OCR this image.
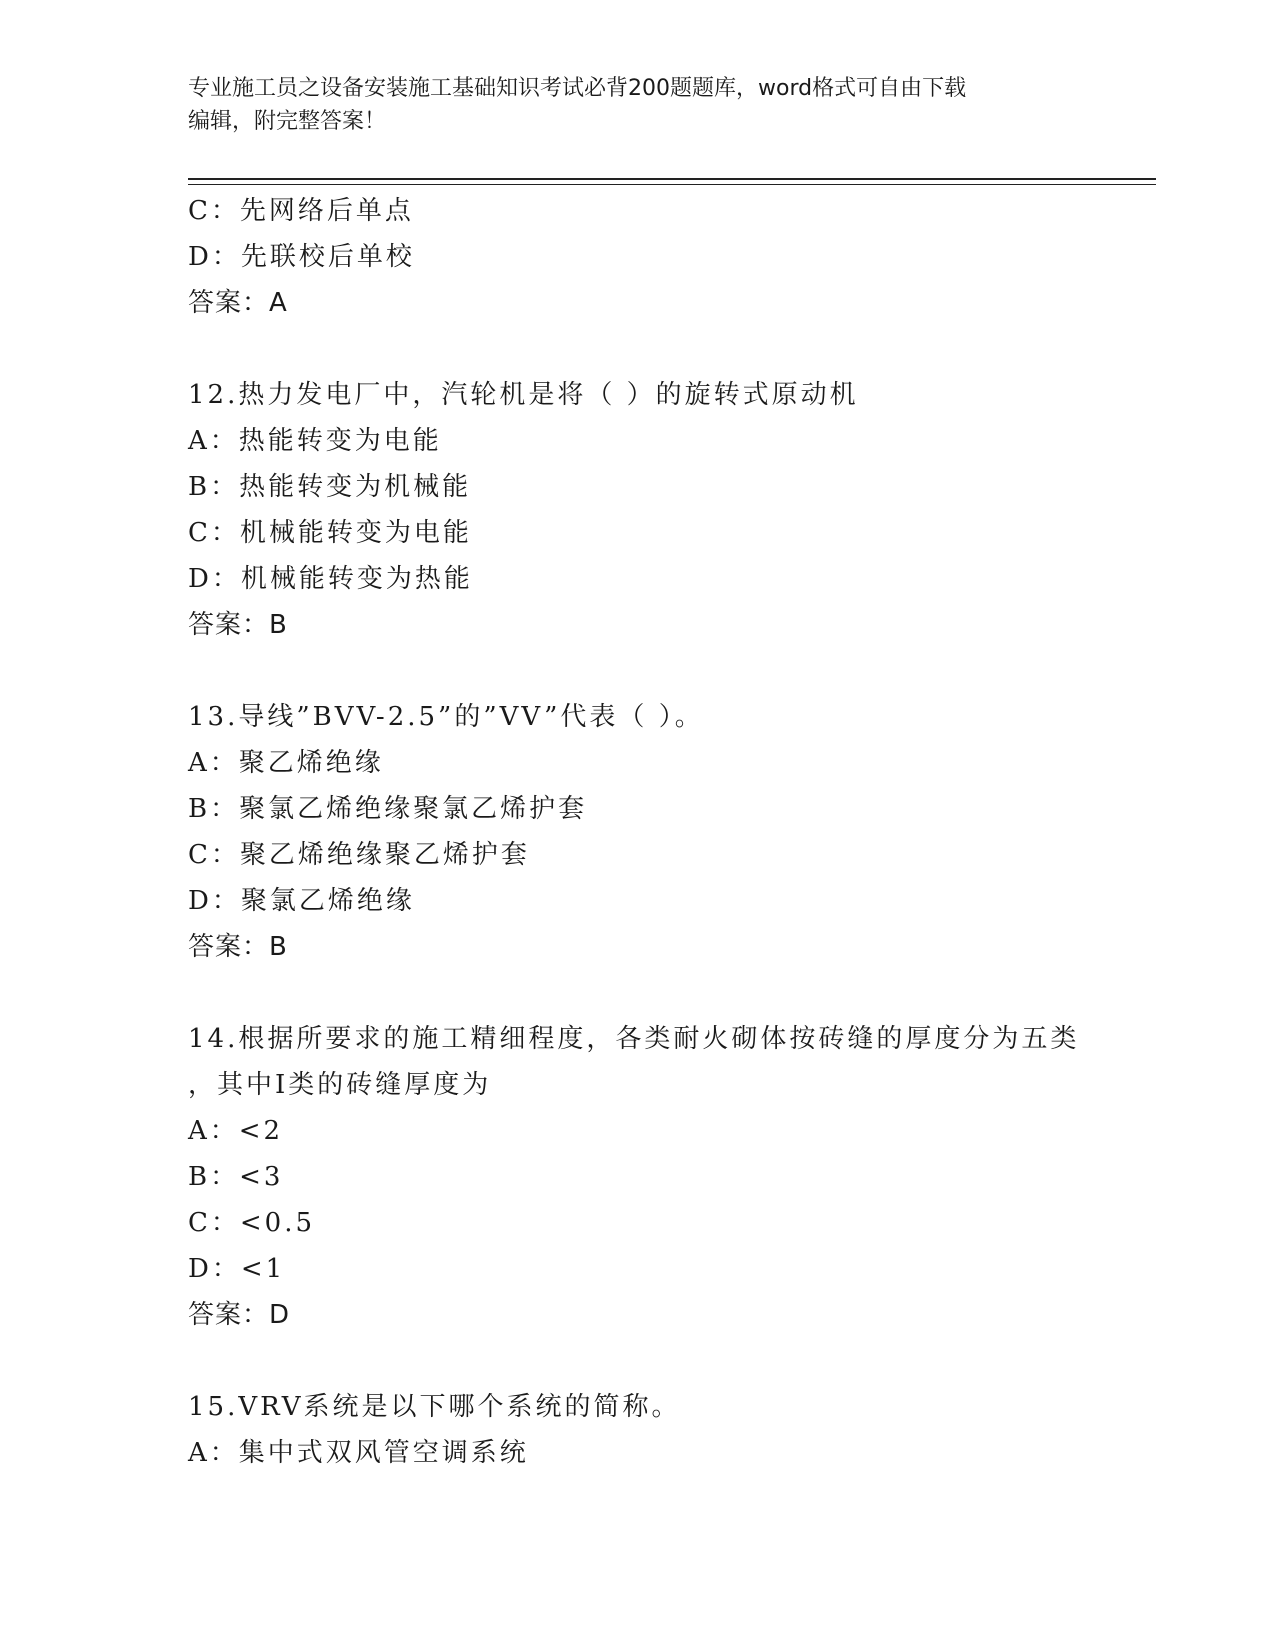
专业施工员之设备安装施工基础知识考试必背200题题库，word格式可自由下载
编辑，附完整答案！
C：先网络后单点
D：先联校后单校
答案：A
12.热力发电厂中，汽轮机是将（ ）的旋转式原动机
A：热能转变为电能
B：热能转变为机械能
C：机械能转变为电能
D：机械能转变为热能
答案：B
13.导线”BVV-2.5”的”VV”代表（ ）。
A：聚乙烯绝缘
B：聚氯乙烯绝缘聚氯乙烯护套
C：聚乙烯绝缘聚乙烯护套
D：聚氯乙烯绝缘
答案：B
14.根据所要求的施工精细程度，各类耐火砌体按砖缝的厚度分为五类
，其中Ⅰ类的砖缝厚度为
A：<2
B：<3
C：<0.5
D：<1
答案：D
15.VRV系统是以下哪个系统的简称。
A：集中式双风管空调系统
